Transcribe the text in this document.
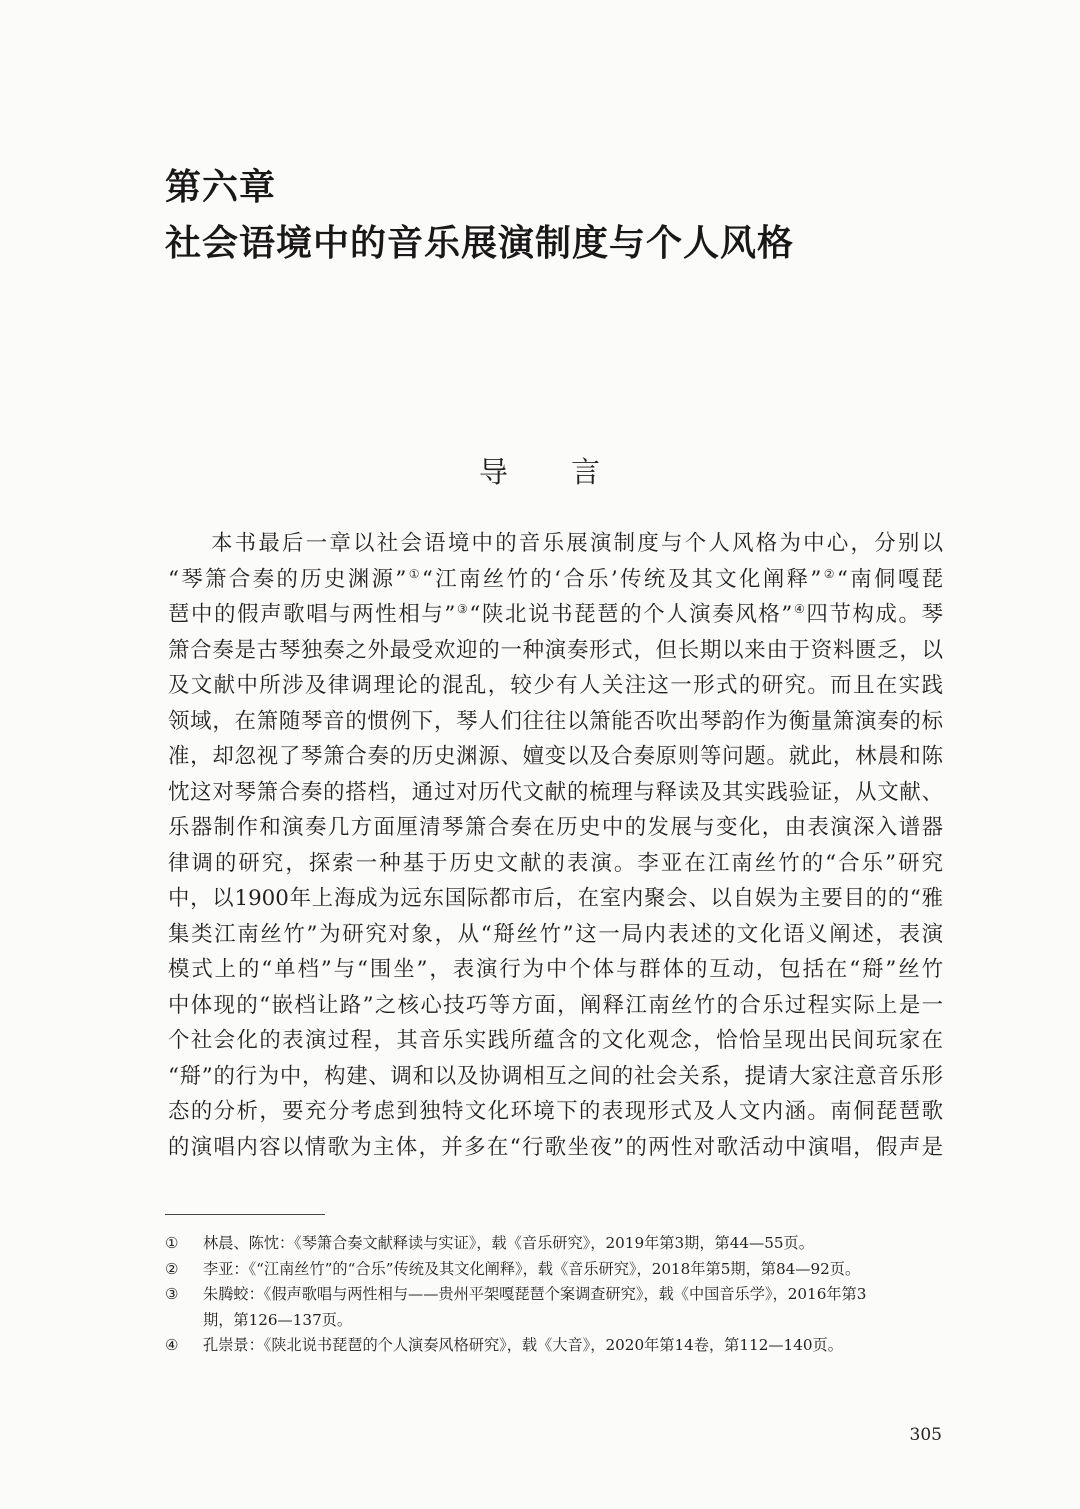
第六章
社会语境中的音乐展演制度与个人风格
导 言
本书最后一章以社会语境中的音乐展演制度与个人风格为中心，分别以
“琴箫合奏的历史渊源”①“江南丝竹的‘合乐’传统及其文化阐释”②“南侗嘎琵
琶中的假声歌唱与两性相与”③“陕北说书琵琶的个人演奏风格”④四节构成。琴
箫合奏是古琴独奏之外最受欢迎的一种演奏形式，但长期以来由于资料匮乏，以
及文献中所涉及律调理论的混乱，较少有人关注这一形式的研究。而且在实践
领域，在箫随琴音的惯例下，琴人们往往以箫能否吹出琴韵作为衡量箫演奏的标
准，却忽视了琴箫合奏的历史渊源、嬗变以及合奏原则等问题。就此，林晨和陈
忱这对琴箫合奏的搭档，通过对历代文献的梳理与释读及其实践验证，从文献、
乐器制作和演奏几方面厘清琴箫合奏在历史中的发展与变化，由表演深入谱器
律调的研究，探索一种基于历史文献的表演。李亚在江南丝竹的“合乐”研究
中，以1900年上海成为远东国际都市后，在室内聚会、以自娱为主要目的的“雅
集类江南丝竹”为研究对象，从“搿丝竹”这一局内表述的文化语义阐述，表演
模式上的“单档”与“围坐”，表演行为中个体与群体的互动，包括在“搿”丝竹
中体现的“嵌档让路”之核心技巧等方面，阐释江南丝竹的合乐过程实际上是一
个社会化的表演过程，其音乐实践所蕴含的文化观念，恰恰呈现出民间玩家在
“搿”的行为中，构建、调和以及协调相互之间的社会关系，提请大家注意音乐形
态的分析，要充分考虑到独特文化环境下的表现形式及人文内涵。南侗琵琶歌
的演唱内容以情歌为主体，并多在“行歌坐夜”的两性对歌活动中演唱，假声是
①	林晨、陈忱：《琴箫合奏文献释读与实证》，载《音乐研究》，2019年第3期，第44—55页。
②	李亚：《“江南丝竹”的“合乐”传统及其文化阐释》，载《音乐研究》，2018年第5期，第84—92页。
③	朱腾蛟：《假声歌唱与两性相与——贵州平架嘎琵琶个案调查研究》，载《中国音乐学》，2016年第3
期，第126—137页。
④	孔崇景：《陕北说书琵琶的个人演奏风格研究》，载《大音》，2020年第14卷，第112—140页。
305
